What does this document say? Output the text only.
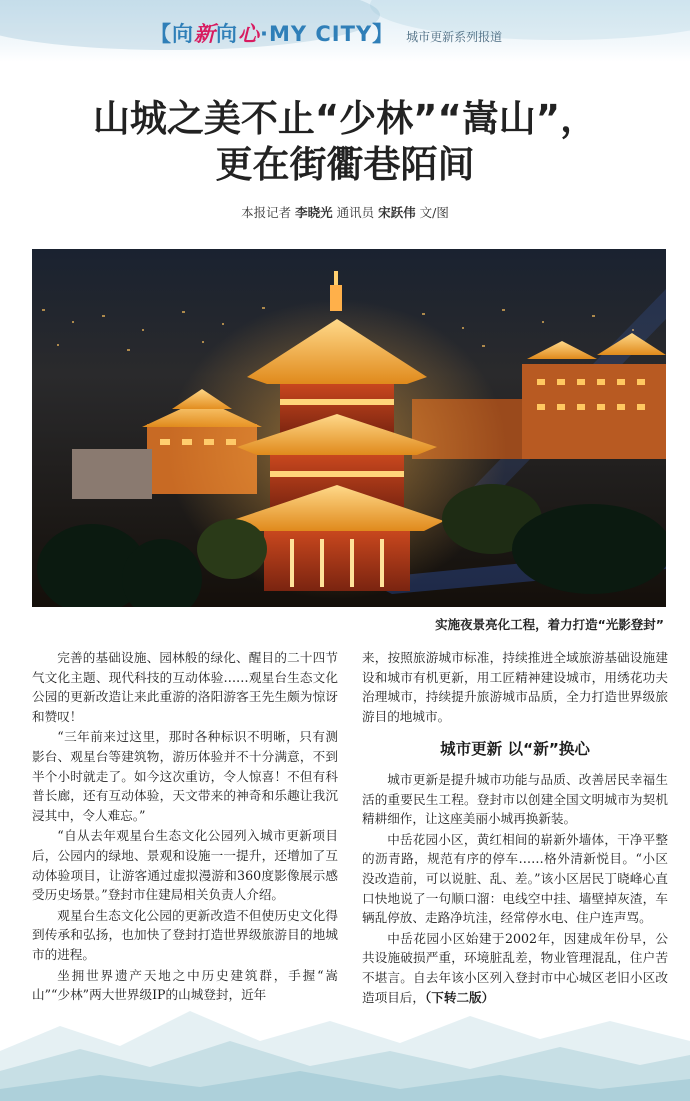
【向新向心·MY CITY】 城市更新系列报道
山城之美不止“少林”“嵩山”，
更在街衢巷陌间
本报记者 李晓光 通讯员 宋跃伟 文/图
实施夜景亮化工程，着力打造“光影登封”

完善的基础设施、园林般的绿化、醒目的二十四节气文化主题、现代科技的互动体验……观星台生态文化公园的更新改造让来此重游的洛阳游客王先生颇为惊讶和赞叹！

“三年前来过这里，那时各种标识不明晰，只有测影台、观星台等建筑物，游历体验并不十分满意，不到半个小时就走了。如今这次重访，令人惊喜！不但有科普长廊，还有互动体验，天文带来的神奇和乐趣让我沉浸其中，令人难忘。”

“自从去年观星台生态文化公园列入城市更新项目后，公园内的绿地、景观和设施一一提升，还增加了互动体验项目，让游客通过虚拟漫游和360度影像展示感受历史场景。”登封市住建局相关负责人介绍。

观星台生态文化公园的更新改造不但使历史文化得到传承和弘扬，也加快了登封打造世界级旅游目的地城市的进程。

坐拥世界遗产天地之中历史建筑群，手握“嵩山”“少林”两大世界级IP的山城登封，近年

来，按照旅游城市标准，持续推进全域旅游基础设施建设和城市有机更新，用工匠精神建设城市，用绣花功夫治理城市，持续提升旅游城市品质，全力打造世界级旅游目的地城市。

城市更新 以“新”换心

城市更新是提升城市功能与品质、改善居民幸福生活的重要民生工程。登封市以创建全国文明城市为契机精耕细作，让这座美丽小城再换新装。

中岳花园小区，黄红相间的崭新外墙体，干净平整的沥青路，规范有序的停车……格外清新悦目。“小区没改造前，可以说脏、乱、差。”该小区居民丁晓峰心直口快地说了一句顺口溜：电线空中挂、墙壁掉灰渣，车辆乱停放、走路净坑洼，经常停水电、住户连声骂。

中岳花园小区始建于2002年，因建成年份早，公共设施破损严重，环境脏乱差，物业管理混乱，住户苦不堪言。自去年该小区列入登封市中心城区老旧小区改造项目后，（下转二版）
